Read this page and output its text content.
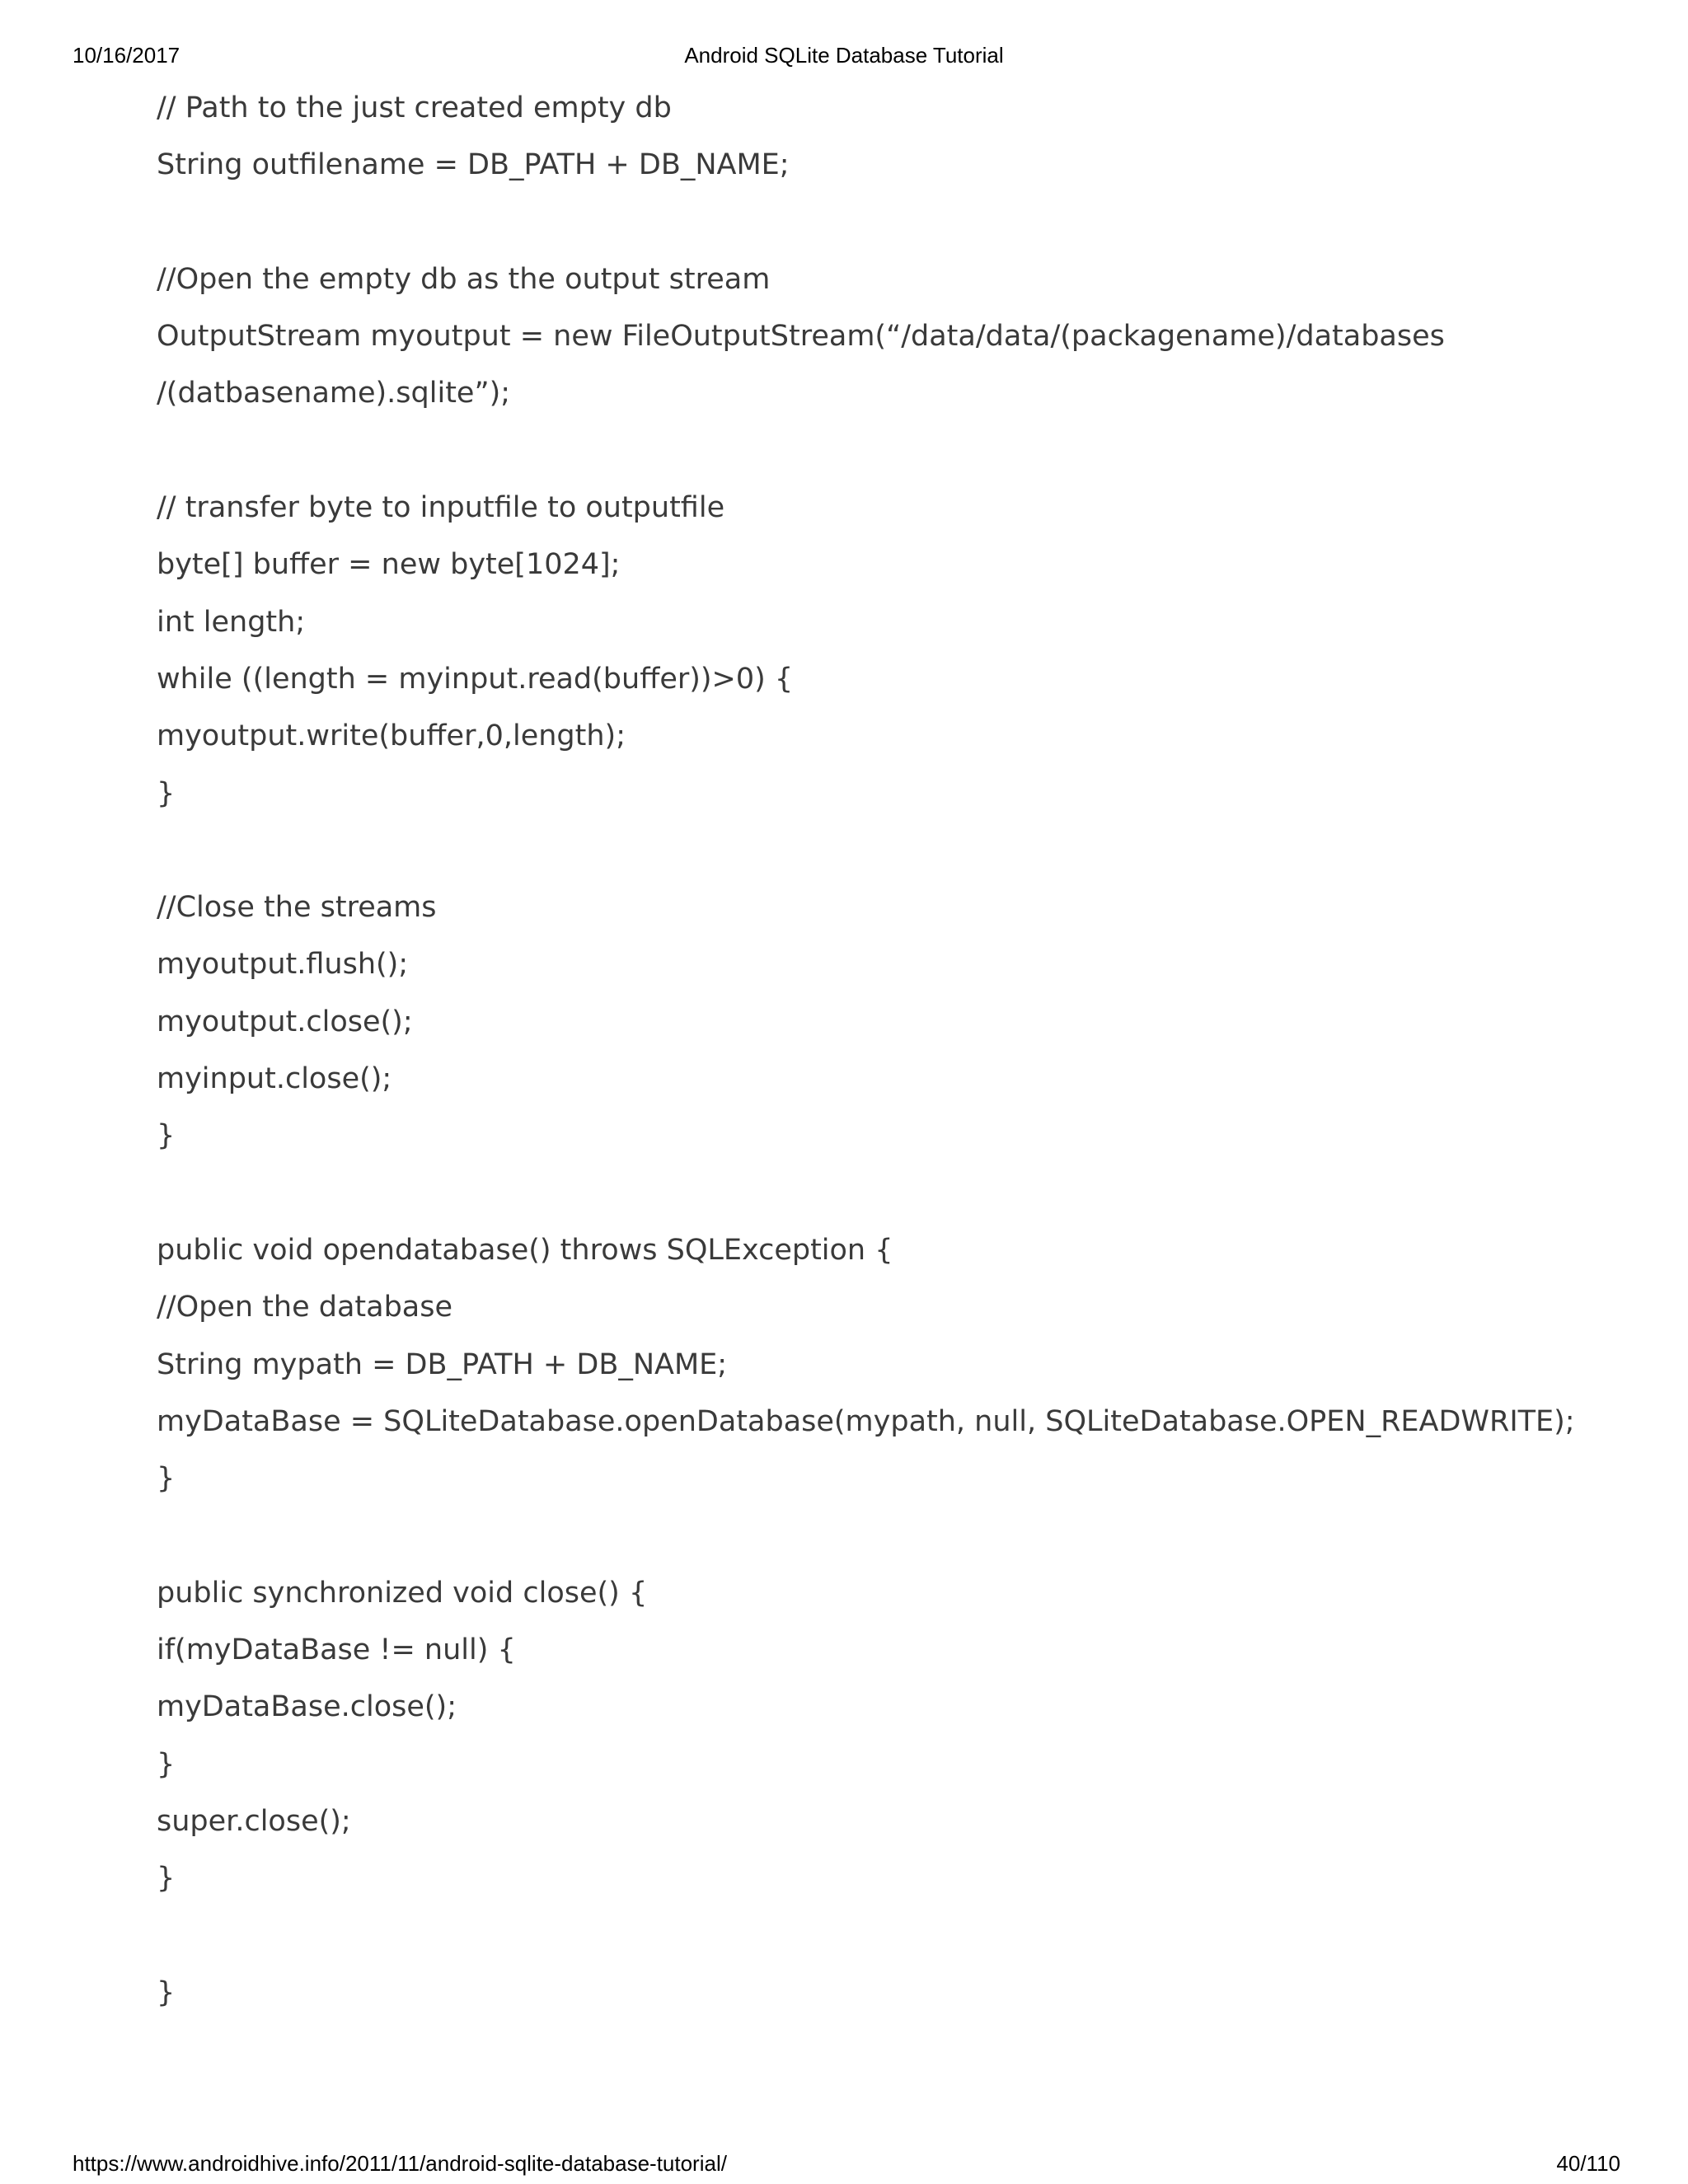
10/16/2017	Android SQLite Database Tutorial
// Path to the just created empty db
String outfilename = DB_PATH + DB_NAME;
//Open the empty db as the output stream
OutputStream myoutput = new FileOutputStream(“/data/data/(packagename)/databases
/(datbasename).sqlite”);
// transfer byte to inputfile to outputfile
byte[] buffer = new byte[1024];
int length;
while ((length = myinput.read(buffer))>0) {
myoutput.write(buffer,0,length);
}
//Close the streams
myoutput.flush();
myoutput.close();
myinput.close();
}
public void opendatabase() throws SQLException {
//Open the database
String mypath = DB_PATH + DB_NAME;
myDataBase = SQLiteDatabase.openDatabase(mypath, null, SQLiteDatabase.OPEN_READWRITE);
}
public synchronized void close() {
if(myDataBase != null) {
myDataBase.close();
}
super.close();
}
}
https://www.androidhive.info/2011/11/android-sqlite-database-tutorial/	40/110
